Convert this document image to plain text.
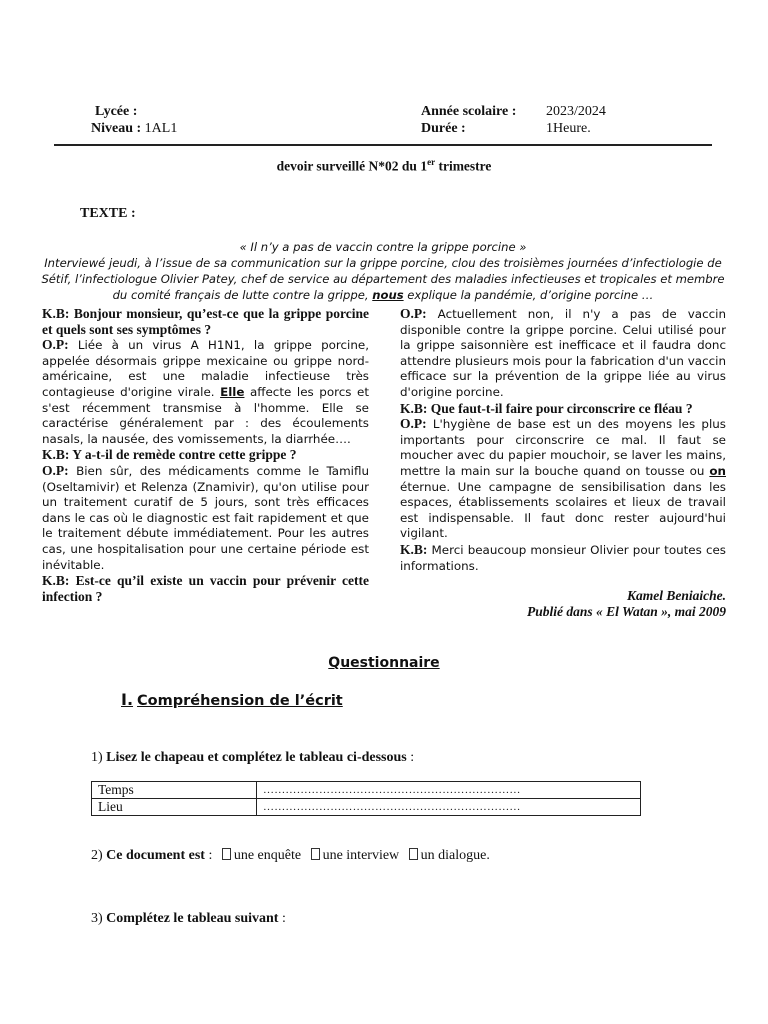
Lycée :
Niveau : 1AL1
Année scolaire : 2023/2024
Durée :	1Heure.
devoir surveillé N*02 du 1er trimestre
TEXTE :
« Il n’y a pas de vaccin contre la grippe porcine »
Interviewé jeudi, à l’issue de sa communication sur la grippe porcine, clou des troisièmes journées d’infectiologie de
Sétif, l’infectiologue Olivier Patey, chef de service au département des maladies infectieuses et tropicales et membre
du comité français de lutte contre la grippe, nous explique la pandémie, d’origine porcine …

K.B: Bonjour monsieur, qu’est-ce que la grippe porcine et quels sont ses symptômes ?

O.P: Liée à un virus A H1N1, la grippe porcine, appelée désormais grippe mexicaine ou grippe nord-américaine, est une maladie infectieuse très contagieuse d'origine virale. Elle affecte les porcs et s'est récemment transmise à l'homme. Elle se caractérise généralement par : des écoulements nasals, la nausée, des vomissements, la diarrhée….

K.B: Y a-t-il de remède contre cette grippe ?

O.P: Bien sûr, des médicaments comme le Tamiflu (Oseltamivir) et Relenza (Znamivir), qu'on utilise pour un traitement curatif de 5 jours, sont très efficaces dans le cas où le diagnostic est fait rapidement et que le traitement débute immédiatement. Pour les autres cas, une hospitalisation pour une certaine période est inévitable.

K.B: Est-ce qu’il existe un vaccin pour prévenir cette infection ?

O.P: Actuellement non, il n'y a pas de vaccin disponible contre la grippe porcine. Celui utilisé pour la grippe saisonnière est inefficace et il faudra donc attendre plusieurs mois pour la fabrication d'un vaccin efficace sur la prévention de la grippe liée au virus d'origine porcine.

K.B: Que faut-t-il faire pour circonscrire ce fléau ?

O.P: L'hygiène de base est un des moyens les plus importants pour circonscrire ce mal. Il faut se moucher avec du papier mouchoir, se laver les mains, mettre la main sur la bouche quand on tousse ou on éternue. Une campagne de sensibilisation dans les espaces, établissements scolaires et lieux de travail est indispensable. Il faut donc rester aujourd'hui vigilant.

K.B: Merci beaucoup monsieur Olivier pour toutes ces informations.

Kamel Beniaiche.
Publié dans « El Watan », mai 2009
Questionnaire
I. Compréhension de l’écrit
1) Lisez le chapeau et complétez le tableau ci-dessous :
Temps	……………………………………………………………
Lieu	……………………………………………………………
2) Ce document est : une enquête une interview un dialogue.
3) Complétez le tableau suivant :
